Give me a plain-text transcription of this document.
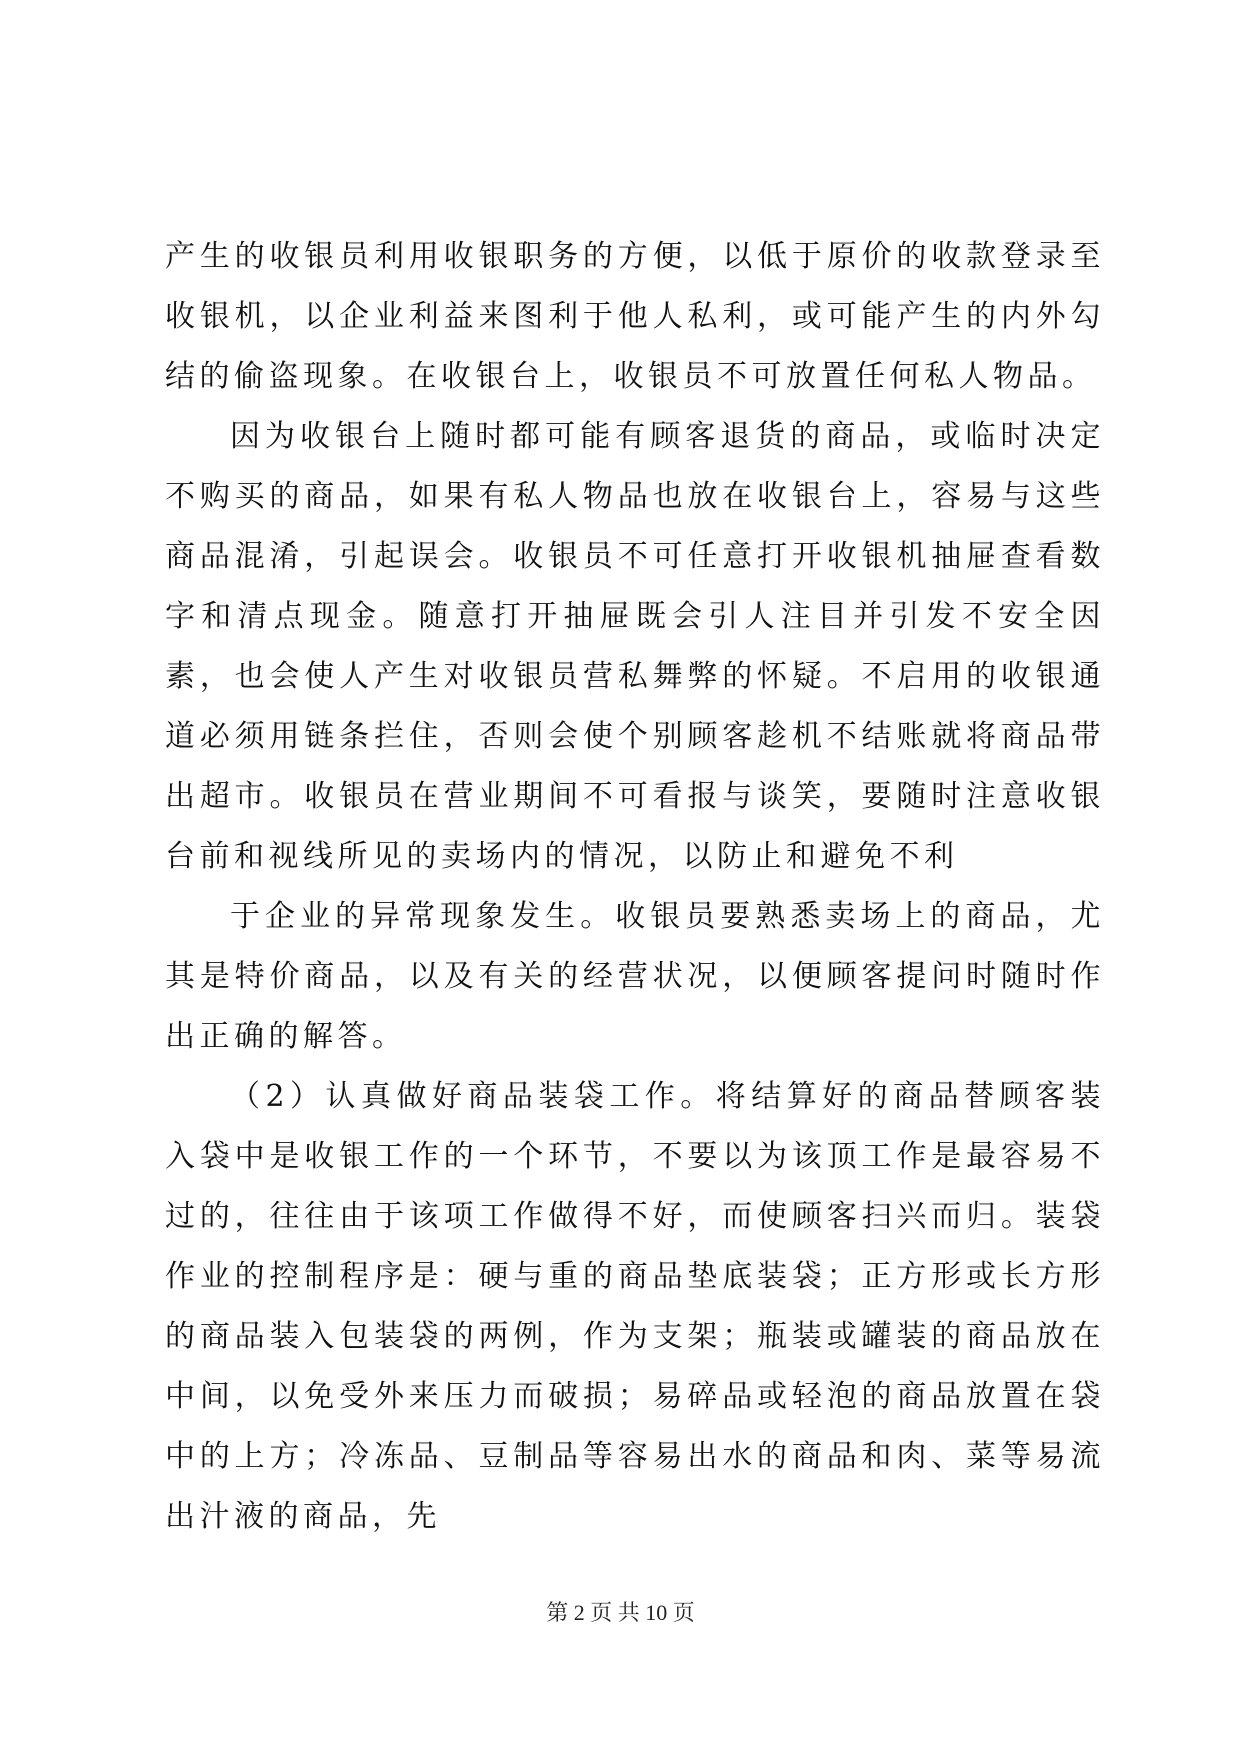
产生的收银员利用收银职务的方便，以低于原价的收款登录至收银机，以企业利益来图利于他人私利，或可能产生的内外勾结的偷盗现象。在收银台上，收银员不可放置任何私人物品。

因为收银台上随时都可能有顾客退货的商品，或临时决定不购买的商品，如果有私人物品也放在收银台上，容易与这些商品混淆，引起误会。收银员不可任意打开收银机抽屉查看数字和清点现金。随意打开抽屉既会引人注目并引发不安全因素，也会使人产生对收银员营私舞弊的怀疑。不启用的收银通道必须用链条拦住，否则会使个别顾客趁机不结账就将商品带出超市。收银员在营业期间不可看报与谈笑，要随时注意收银台前和视线所见的卖场内的情况，以防止和避免不利

于企业的异常现象发生。收银员要熟悉卖场上的商品，尤其是特价商品，以及有关的经营状况，以便顾客提问时随时作出正确的解答。

（2）认真做好商品装袋工作。将结算好的商品替顾客装入袋中是收银工作的一个环节，不要以为该顶工作是最容易不过的，往往由于该项工作做得不好，而使顾客扫兴而归。装袋作业的控制程序是：硬与重的商品垫底装袋；正方形或长方形的商品装入包装袋的两例，作为支架；瓶装或罐装的商品放在中间，以免受外来压力而破损；易碎品或轻泡的商品放置在袋中的上方；冷冻品、豆制品等容易出水的商品和肉、菜等易流出汁液的商品，先

第 2 页 共 10 页
